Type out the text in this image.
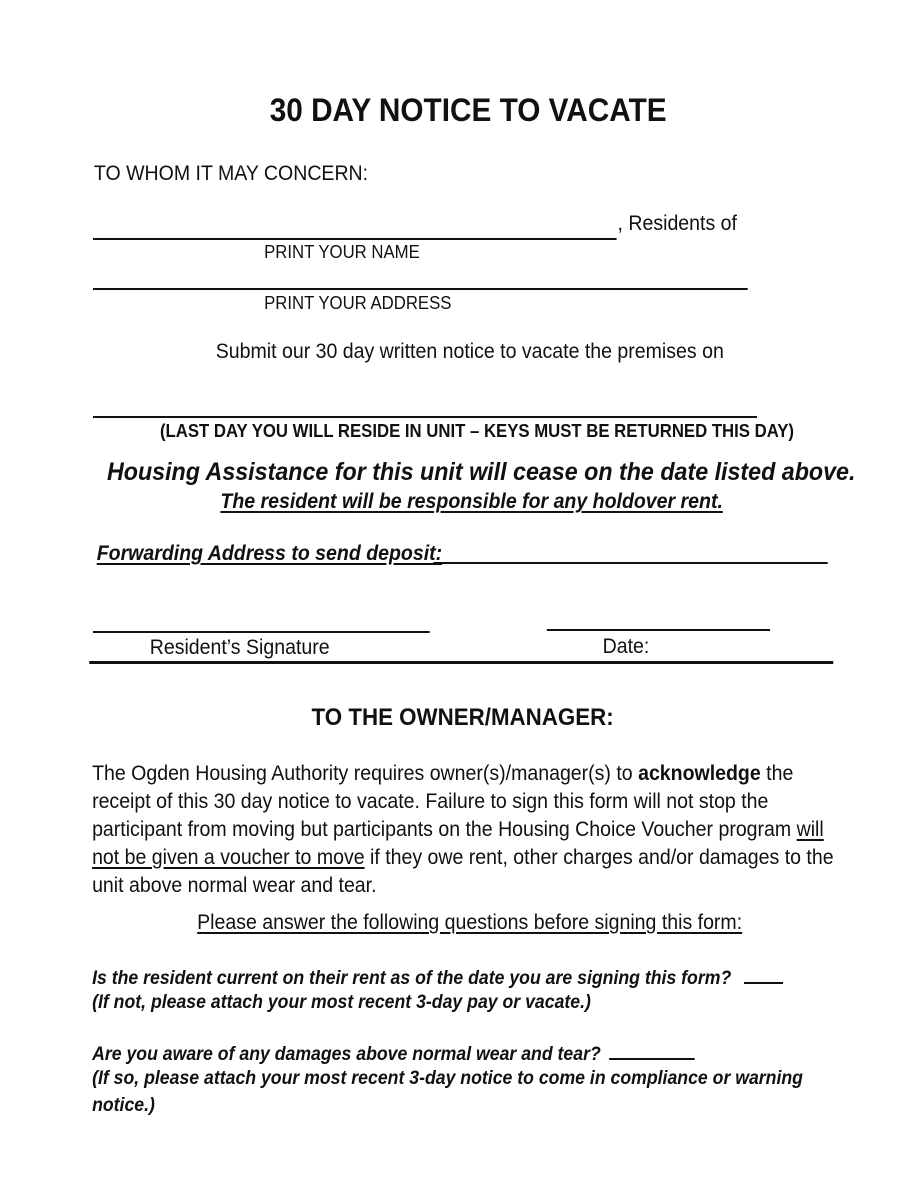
30 DAY NOTICE TO VACATE
TO WHOM IT MAY CONCERN:
, Residents of
PRINT YOUR NAME
PRINT YOUR ADDRESS
Submit our 30 day written notice to vacate the premises on
(LAST DAY YOU WILL RESIDE IN UNIT – KEYS MUST BE RETURNED THIS DAY)
Housing Assistance for this unit will cease on the date listed above.
The resident will be responsible for any holdover rent.
Forwarding Address to send deposit:
Resident’s Signature	Date:
TO THE OWNER/MANAGER:
The Ogden Housing Authority requires owner(s)/manager(s) to acknowledge the
receipt of this 30 day notice to vacate. Failure to sign this form will not stop the
participant from moving but participants on the Housing Choice Voucher program will
not be given a voucher to move if they owe rent, other charges and/or damages to the
unit above normal wear and tear.
Please answer the following questions before signing this form:
Is the resident current on their rent as of the date you are signing this form?
(If not, please attach your most recent 3-day pay or vacate.)
Are you aware of any damages above normal wear and tear?
(If so, please attach your most recent 3-day notice to come in compliance or warning
notice.)
